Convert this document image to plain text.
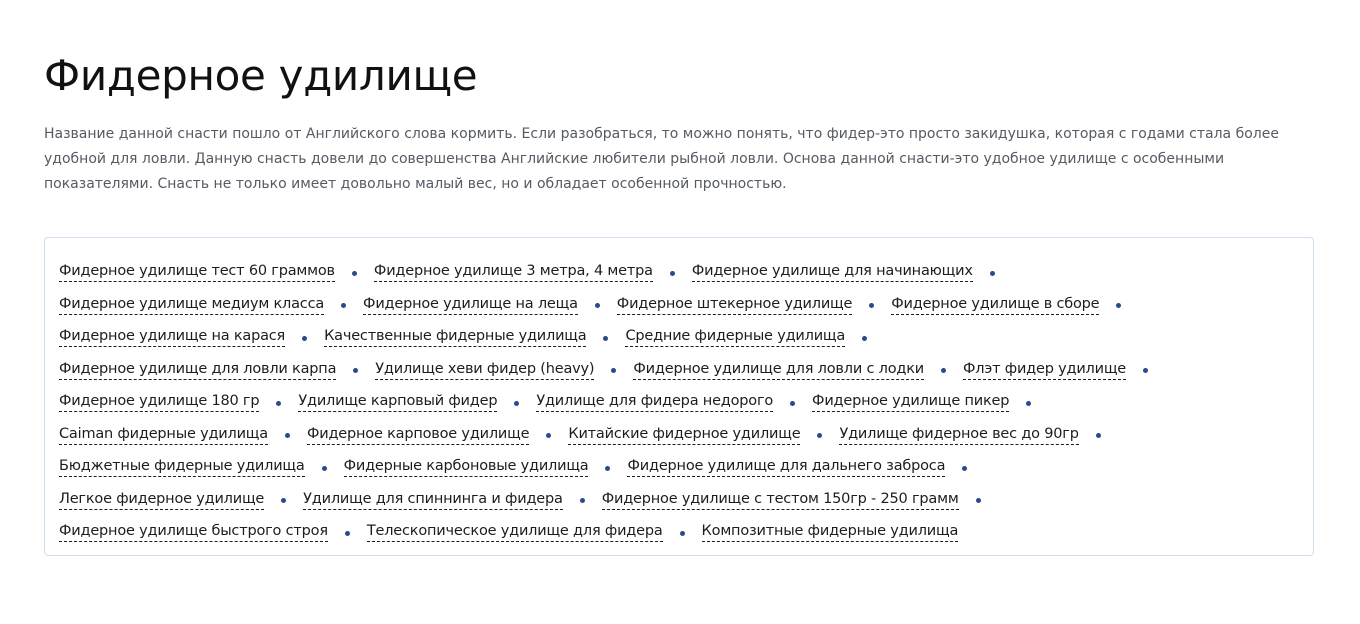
Фидерное удилище

Название данной снасти пошло от Английского слова кормить. Если разобраться, то можно понять, что фидер-это просто закидушка, которая с годами стала более удобной для ловли. Данную снасть довели до совершенства Английские любители рыбной ловли. Основа данной снасти-это удобное удилище с особенными показателями. Снасть не только имеет довольно малый вес, но и обладает особенной прочностью.

Фидерное удилище тест 60 граммов	Фидерное удилище 3 метра, 4 метра	Фидерное удилище для начинающих
Фидерное удилище медиум класса	Фидерное удилище на леща	Фидерное штекерное удилище	Фидерное удилище в сборе
Фидерное удилище на карася	Качественные фидерные удилища	Средние фидерные удилища
Фидерное удилище для ловли карпа	Удилище хеви фидер (heavy)	Фидерное удилище для ловли с лодки	Флэт фидер удилище
Фидерное удилище 180 гр	Удилище карповый фидер	Удилище для фидера недорого	Фидерное удилище пикер
Caiman фидерные удилища	Фидерное карповое удилище	Китайские фидерное удилище	Удилище фидерное вес до 90гр
Бюджетные фидерные удилища	Фидерные карбоновые удилища	Фидерное удилище для дальнего заброса
Легкое фидерное удилище	Удилище для спиннинга и фидера	Фидерное удилище с тестом 150гр - 250 грамм
Фидерное удилище быстрого строя	Телескопическое удилище для фидера	Композитные фидерные удилища
